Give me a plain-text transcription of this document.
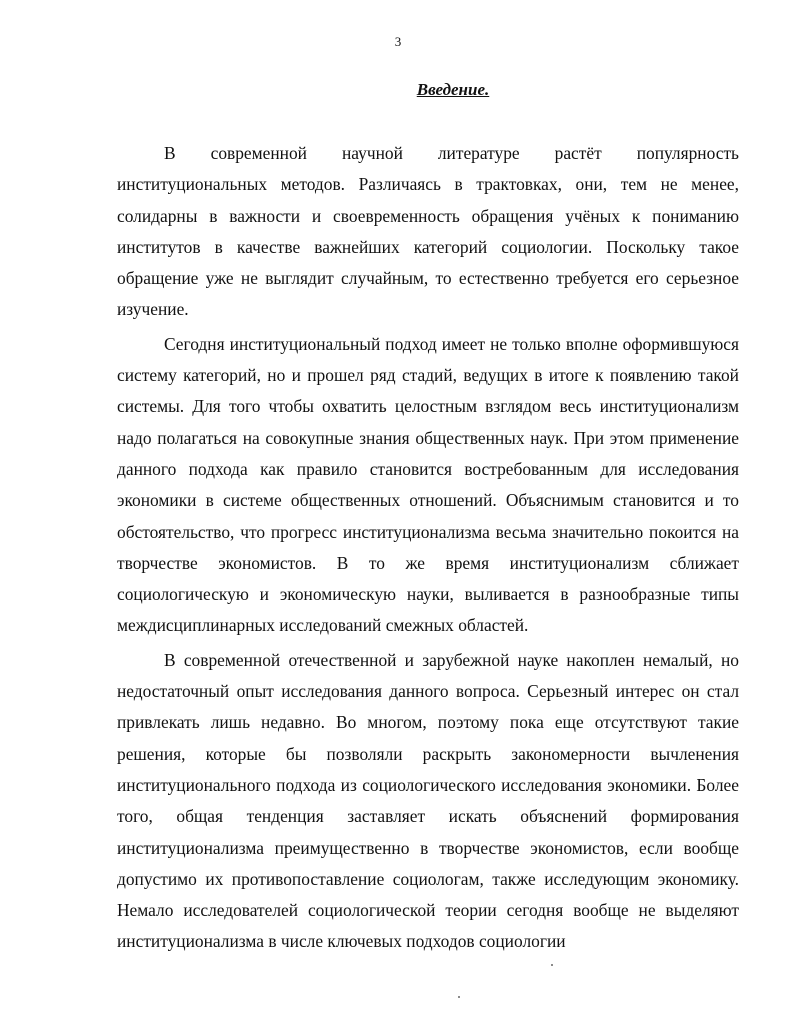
3
Введение.

В современной научной литературе растёт популярность институциональных методов. Различаясь в трактовках, они, тем не менее, солидарны в важности и своевременность обращения учёных к пониманию институтов в качестве важнейших категорий социологии. Поскольку такое обращение уже не выглядит случайным, то естественно требуется его серьезное изучение.

Сегодня институциональный подход имеет не только вполне оформившуюся систему категорий, но и прошел ряд стадий, ведущих в итоге к появлению такой системы. Для того чтобы охватить целостным взглядом весь институционализм надо полагаться на совокупные знания общественных наук. При этом применение данного подхода как правило становится востребованным для исследования экономики в системе общественных отношений. Объяснимым становится и то обстоятельство, что прогресс институционализма весьма значительно покоится на творчестве экономистов. В то же время институционализм сближает социологическую и экономическую науки, выливается в разнообразные типы междисциплинарных исследований смежных областей.

В современной отечественной и зарубежной науке накоплен немалый, но недостаточный опыт исследования данного вопроса. Серьезный интерес он стал привлекать лишь недавно. Во многом, поэтому пока еще отсутствуют такие решения, которые бы позволяли раскрыть закономерности вычленения институционального подхода из социологического исследования экономики. Более того, общая тенденция заставляет искать объяснений формирования институционализма преимущественно в творчестве экономистов, если вообще допустимо их противопоставление социологам, также исследующим экономику. Немало исследователей социологической теории сегодня вообще не выделяют институционализма в числе ключевых подходов социологии
